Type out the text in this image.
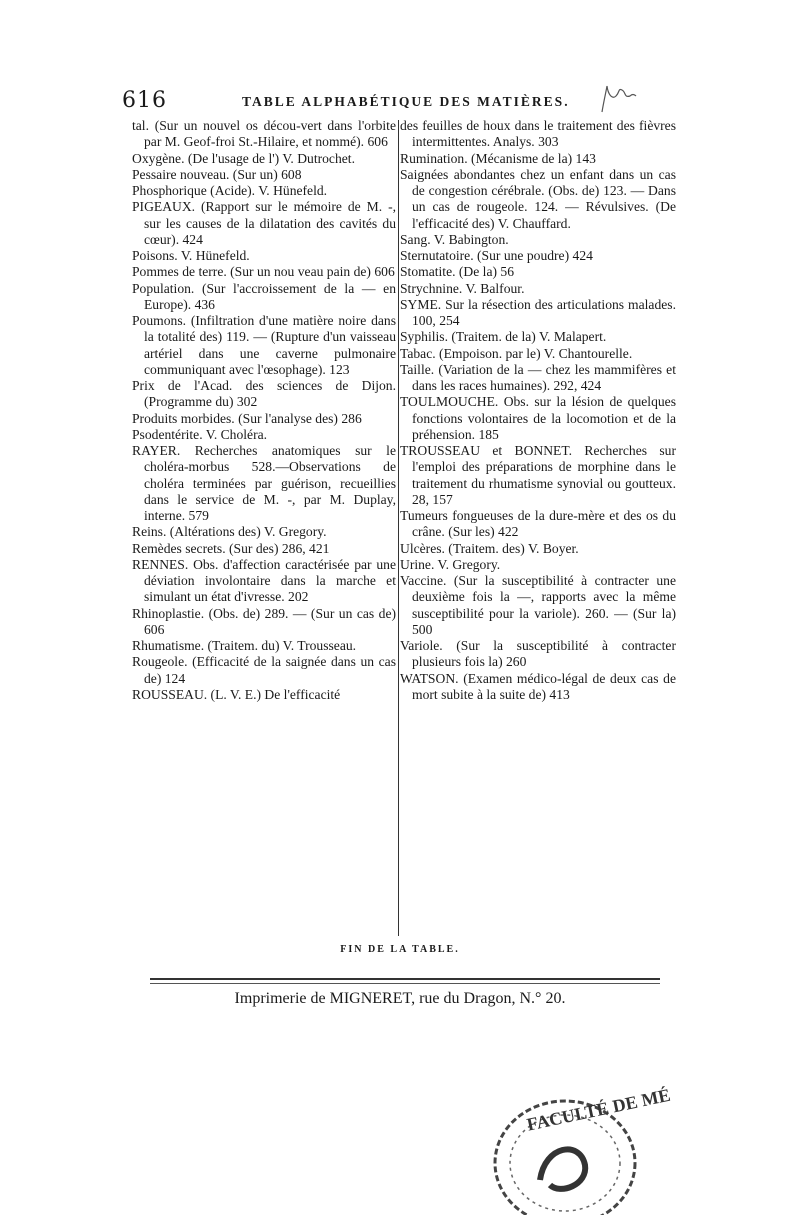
616	TABLE ALPHABÉTIQUE DES MATIÈRES.

tal. (Sur un nouvel os décou-vert dans l'orbite par M. Geof-froi St.-Hilaire, et nommé). 606

Oxygène. (De l'usage de l') V. Dutrochet.

Pessaire nouveau. (Sur un) 608

Phosphorique (Acide). V. Hünefeld.

PIGEAUX. (Rapport sur le mémoire de M. -, sur les causes de la dilatation des cavités du cœur). 424

Poisons. V. Hünefeld.

Pommes de terre. (Sur un nou veau pain de) 606

Population. (Sur l'accroissement de la — en Europe). 436

Poumons. (Infiltration d'une matière noire dans la totalité des) 119. — (Rupture d'un vaisseau artériel dans une caverne pulmonaire communiquant avec l'œsophage). 123

Prix de l'Acad. des sciences de Dijon. (Programme du) 302

Produits morbides. (Sur l'analyse des) 286

Psodentérite. V. Choléra.

RAYER. Recherches anatomiques sur le choléra-morbus 528.—Observations de choléra terminées par guérison, recueillies dans le service de M. -, par M. Duplay, interne. 579

Reins. (Altérations des) V. Gregory.

Remèdes secrets. (Sur des) 286, 421

RENNES. Obs. d'affection caractérisée par une déviation involontaire dans la marche et simulant un état d'ivresse. 202

Rhinoplastie. (Obs. de) 289. — (Sur un cas de) 606

Rhumatisme. (Traitem. du) V. Trousseau.

Rougeole. (Efficacité de la saignée dans un cas de) 124

ROUSSEAU. (L. V. E.) De l'efficacité

des feuilles de houx dans le traitement des fièvres intermittentes. Analys. 303

Rumination. (Mécanisme de la) 143

Saignées abondantes chez un enfant dans un cas de congestion cérébrale. (Obs. de) 123. — Dans un cas de rougeole. 124. — Révulsives. (De l'efficacité des) V. Chauffard.

Sang. V. Babington.

Sternutatoire. (Sur une poudre) 424

Stomatite. (De la) 56

Strychnine. V. Balfour.

SYME. Sur la résection des articulations malades. 100, 254

Syphilis. (Traitem. de la) V. Malapert.

Tabac. (Empoison. par le) V. Chantourelle.

Taille. (Variation de la — chez les mammifères et dans les races humaines). 292, 424

TOULMOUCHE. Obs. sur la lésion de quelques fonctions volontaires de la locomotion et de la préhension. 185

TROUSSEAU et BONNET. Recherches sur l'emploi des préparations de morphine dans le traitement du rhumatisme synovial ou goutteux. 28, 157

Tumeurs fongueuses de la dure-mère et des os du crâne. (Sur les) 422

Ulcères. (Traitem. des) V. Boyer.

Urine. V. Gregory.

Vaccine. (Sur la susceptibilité à contracter une deuxième fois la —, rapports avec la même susceptibilité pour la variole). 260. — (Sur la) 500

Variole. (Sur la susceptibilité à contracter plusieurs fois la) 260

WATSON. (Examen médico-légal de deux cas de mort subite à la suite de) 413

FIN DE LA TABLE.
Imprimerie de MIGNERET, rue du Dragon, N.° 20.
FACULTÉ DE MÉ
